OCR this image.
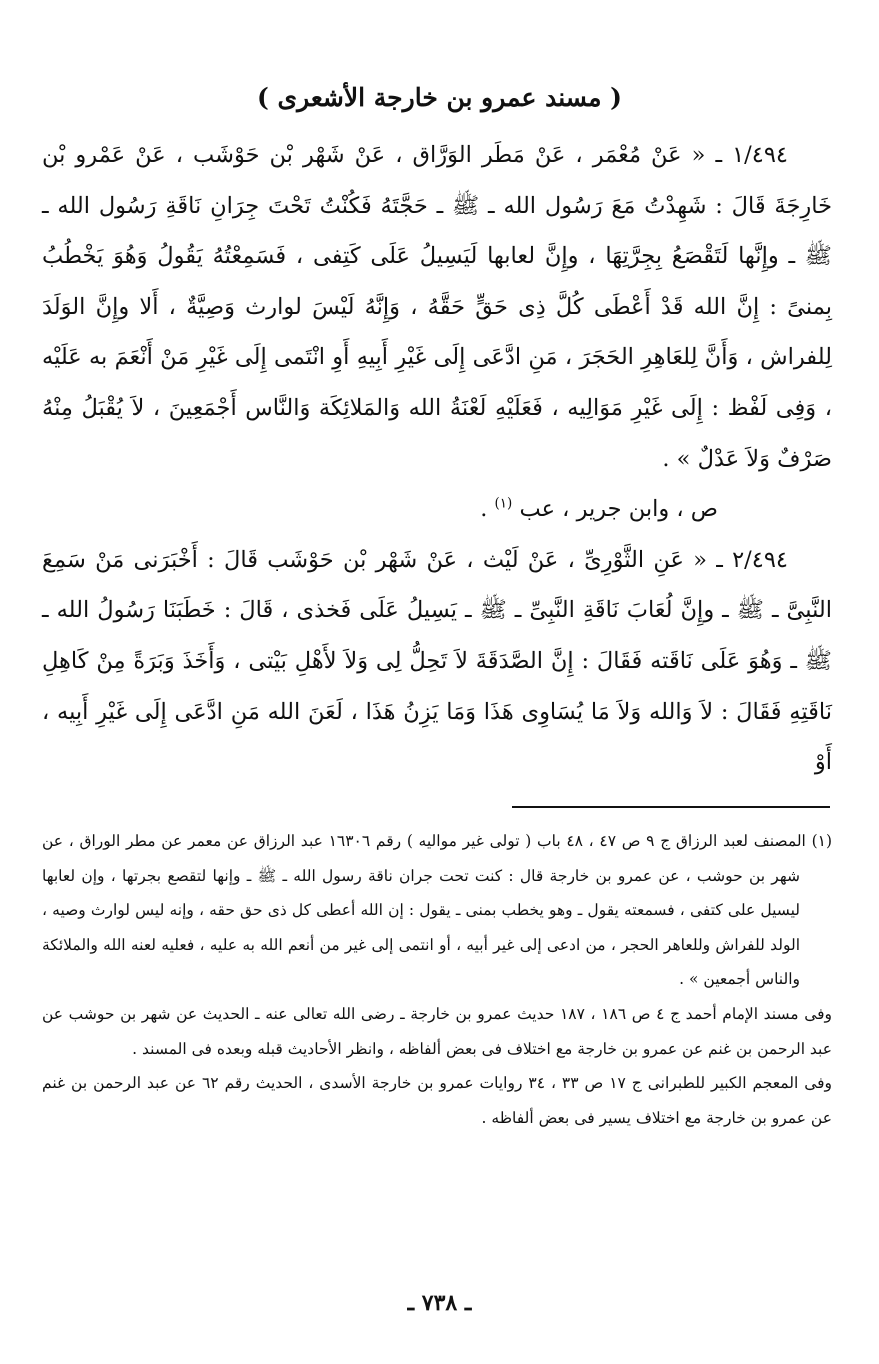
( مسند عمرو بن خارجة الأشعرى )

١/٤٩٤ ـ « عَنْ مُعْمَر ، عَنْ مَطَر الوَرَّاق ، عَنْ شَهْر بْن حَوْشَب ، عَنْ عَمْرو بْن خَارِجَةَ قَالَ : شَهِدْتُ مَعَ رَسُول الله ـ ﷺ ـ حَجَّتَهُ فَكُنْتُ تَحْتَ جِرَانِ نَاقَةِ رَسُول الله ـ ﷺ ـ وإِنَّها لَتَقْصَعُ بِجِرَّتِهَا ، وإِنَّ لعابها لَيَسِيلُ عَلَى كَتِفى ، فَسَمِعْتُهُ يَقُولُ وَهُوَ يَخْطُبُ بِمنىً : إِنَّ الله قَدْ أَعْطَى كُلَّ ذِى حَقٍّ حَقَّهُ ، وَإِنَّهُ لَيْسَ لوارث وَصِيَّةٌ ، أَلا وإِنَّ الوَلَدَ لِلفراش ، وَأَنَّ لِلعَاهِرِ الحَجَرَ ، مَنِ ادَّعَى إِلَى غَيْرِ أَبِيهِ أَوِ انْتَمى إِلَى غَيْرِ مَنْ أَنْعَمَ به عَلَيْه ، وَفِى لَفْظ : إِلَى غَيْرِ مَوَالِيه ، فَعَلَيْهِ لَعْنَةُ الله وَالمَلائِكَة وَالنَّاس أَجْمَعِينَ ، لاَ يُقْبَلُ مِنْهُ صَرْفٌ وَلاَ عَدْلٌ » .

ص ، وابن جرير ، عب $^{(١)}$ .

٢/٤٩٤ ـ « عَنِ الثَّوْرِىِّ ، عَنْ لَيْث ، عَنْ شَهْر بْن حَوْشَب قَالَ : أَخْبَرَنى مَنْ سَمِعَ النَّبِىَّ ـ ﷺ ـ وإِنَّ لُعَابَ نَاقَةِ النَّبِىِّ ـ ﷺ ـ يَسِيلُ عَلَى فَخذى ، قَالَ : خَطَبَنَا رَسُولُ الله ـ ﷺ ـ وَهُوَ عَلَى نَاقَته فَقَالَ : إِنَّ الصَّدَقَةَ لاَ تَحِلُّ لِى وَلاَ لأَهْلِ بَيْتى ، وَأَخَذَ وَبَرَةً مِنْ كَاهِلِ نَاقَتِهِ فَقَالَ : لاَ وَالله وَلاَ مَا يُسَاوِى هَذَا وَمَا يَزِنُ هَذَا ، لَعَنَ الله مَنِ ادَّعَى إِلَى غَيْرِ أَبِيه ، أَوْ

(١) المصنف لعبد الرزاق ج ٩ ص ٤٧ ، ٤٨ باب ( تولى غير مواليه ) رقم ١٦٣٠٦ عبد الرزاق عن معمر عن مطر الوراق ، عن شهر بن حوشب ، عن عمرو بن خارجة قال : كنت تحت جران ناقة رسول الله ـ ﷺ ـ وإنها لتقصع بجرتها ، وإن لعابها ليسيل على كتفى ، فسمعته يقول ـ وهو يخطب بمنى ـ يقول : إن الله أعطى كل ذى حق حقه ، وإنه ليس لوارث وصيه ، الولد للفراش وللعاهر الحجر ، من ادعى إلى غير أبيه ، أو انتمى إلى غير من أنعم الله به عليه ، فعليه لعنه الله والملائكة والناس أجمعين » .

وفى مسند الإمام أحمد ج ٤ ص ١٨٦ ، ١٨٧ حديث عمرو بن خارجة ـ رضى الله تعالى عنه ـ الحديث عن شهر بن حوشب عن عبد الرحمن بن غنم عن عمرو بن خارجة مع اختلاف فى بعض ألفاظه ، وانظر الأحاديث قبله وبعده فى المسند .

وفى المعجم الكبير للطبرانى ج ١٧ ص ٣٣ ، ٣٤ روايات عمرو بن خارجة الأسدى ، الحديث رقم ٦٢ عن عبد الرحمن بن غنم عن عمرو بن خارجة مع اختلاف يسير فى بعض ألفاظه .

ـ ٧٣٨ ـ
